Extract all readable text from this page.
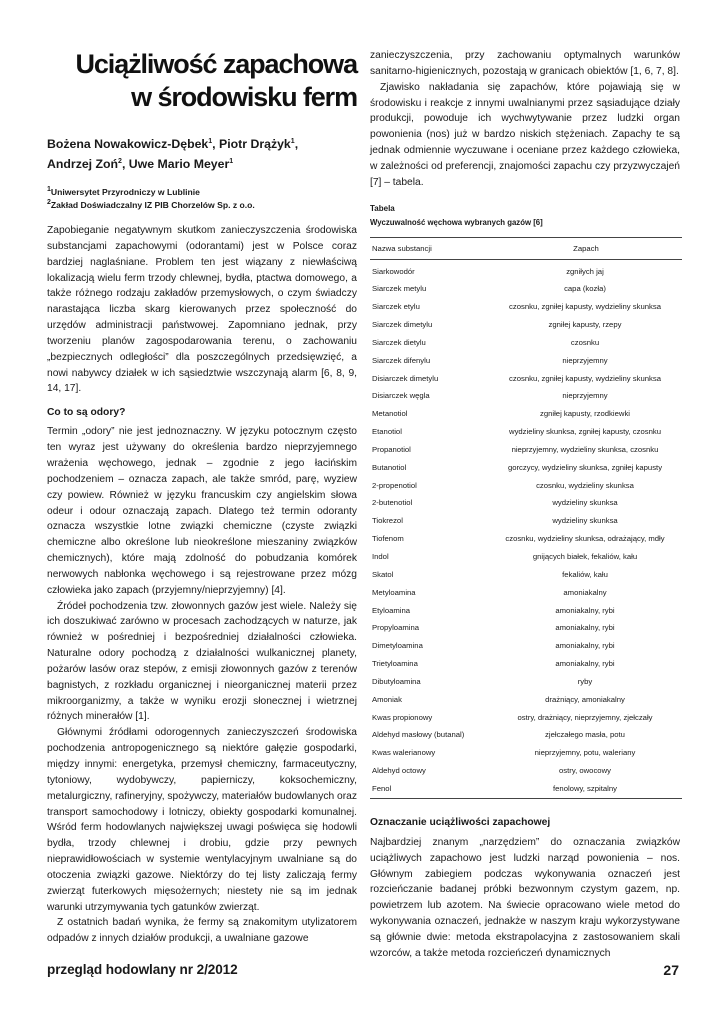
Uciążliwość zapachowa
w środowisku ferm
Bożena Nowakowicz-Dębek$^1$, Piotr Drążyk$^1$,
Andrzej Zoń$^2$, Uwe Mario Meyer$^1$
$^1$Uniwersytet Przyrodniczy w Lublinie
$^2$Zakład Doświadczalny IZ PIB Chorzelów Sp. z o.o.

Zapobieganie negatywnym skutkom zanieczyszczenia środowiska substancjami zapachowymi (odorantami) jest w Polsce coraz bardziej naglaśniane. Problem ten jest wiązany z niewłaściwą lokalizacją wielu ferm trzody chlewnej, bydła, ptactwa domowego, a także różnego rodzaju zakładów przemysłowych, o czym świadczy narastająca liczba skarg kierowanych przez społeczność do urzędów administracji państwowej. Zapomniano jednak, przy tworzeniu planów zagospodarowania terenu, o zachowaniu „bezpiecznych odległości” dla poszczególnych przedsięwzięć, a nowi nabywcy działek w ich sąsiedztwie wszczynają alarm [6, 8, 9, 14, 17].

Co to są odory?

Termin „odory” nie jest jednoznaczny. W języku potocznym często ten wyraz jest używany do określenia bardzo nieprzyjemnego wrażenia węchowego, jednak – zgodnie z jego łacińskim pochodzeniem – oznacza zapach, ale także smród, parę, wyziew czy powiew. Również w języku francuskim czy angielskim słowa odeur i odour oznaczają zapach. Dlatego też termin odoranty oznacza wszystkie lotne związki chemiczne (czyste związki chemiczne albo określone lub nieokreślone mieszaniny związków chemicznych), które mają zdolność do pobudzania komórek nerwowych nabłonka węchowego i są rejestrowane przez mózg człowieka jako zapach (przyjemny/nieprzyjemny) [4].

Źródeł pochodzenia tzw. złowonnych gazów jest wiele. Należy się ich doszukiwać zarówno w procesach zachodzących w naturze, jak również w pośredniej i bezpośredniej działalności człowieka. Naturalne odory pochodzą z działalności wulkanicznej planety, pożarów lasów oraz stepów, z emisji złowonnych gazów z terenów bagnistych, z rozkładu organicznej i nieorganicznej materii przez mikroorganizmy, a także w wyniku erozji słonecznej i wietrznej różnych minerałów [1].

Głównymi źródłami odorogennych zanieczyszczeń środowiska pochodzenia antropogenicznego są niektóre gałęzie gospodarki, między innymi: energetyka, przemysł chemiczny, farmaceutyczny, tytoniowy, wydobywczy, papierniczy, koksochemiczny, metalurgiczny, rafineryjny, spożywczy, materiałów budowlanych oraz transport samochodowy i lotniczy, obiekty gospodarki komunalnej. Wśród ferm hodowlanych największej uwagi poświęca się hodowli bydła, trzody chlewnej i drobiu, gdzie przy pewnych nieprawidłowościach w systemie wentylacyjnym uwalniane są do otoczenia związki gazowe. Niektórzy do tej listy zaliczają fermy zwierząt futerkowych mięsożernych; niestety nie są im jednak warunki utrzymywania tych gatunków zwierząt.

Z ostatnich badań wynika, że fermy są znakomitym utylizatorem odpadów z innych działów produkcji, a uwalniane gazowe

zanieczyszczenia, przy zachowaniu optymalnych warunków sanitarno-higienicznych, pozostają w granicach obiektów [1, 6, 7, 8].

Zjawisko nakładania się zapachów, które pojawiają się w środowisku i reakcje z innymi uwalnianymi przez sąsiadujące działy produkcji, powoduje ich wychwytywanie przez ludzki organ powonienia (nos) już w bardzo niskich stężeniach. Zapachy te są jednak odmiennie wyczuwane i oceniane przez każdego człowieka, w zależności od preferencji, znajomości zapachu czy przyzwyczajeń [7] – tabela.

Tabela
Wyczuwalność węchowa wybranych gazów [6]
Nazwa substancji	Zapach
Siarkowodór	zgniłych jaj
Siarczek metylu	capa (kozła)
Siarczek etylu	czosnku, zgniłej kapusty, wydzieliny skunksa
Siarczek dimetylu	zgniłej kapusty, rzepy
Siarczek dietylu	czosnku
Siarczek difenylu	nieprzyjemny
Disiarczek dimetylu	czosnku, zgniłej kapusty, wydzieliny skunksa
Disiarczek węgla	nieprzyjemny
Metanotiol	zgniłej kapusty, rzodkiewki
Etanotiol	wydzieliny skunksa, zgniłej kapusty, czosnku
Propanotiol	nieprzyjemny, wydzieliny skunksa, czosnku
Butanotiol	gorczycy, wydzieliny skunksa, zgniłej kapusty
2-propenotiol	czosnku, wydzieliny skunksa
2-butenotiol	wydzieliny skunksa
Tiokrezol	wydzieliny skunksa
Tiofenom	czosnku, wydzieliny skunksa, odrażający, mdły
Indol	gnijących białek, fekaliów, kału
Skatol	fekaliów, kału
Metyloamina	amoniakalny
Etyloamina	amoniakalny, rybi
Propyloamina	amoniakalny, rybi
Dimetyloamina	amoniakalny, rybi
Trietyloamina	amoniakalny, rybi
Dibutyloamina	ryby
Amoniak	drażniący, amoniakalny
Kwas propionowy	ostry, drażniący, nieprzyjemny, zjełczały
Aldehyd masłowy (butanal)	zjełczałego masła, potu
Kwas walerianowy	nieprzyjemny, potu, waleriany
Aldehyd octowy	ostry, owocowy
Fenol	fenolowy, szpitalny
Oznaczanie uciążliwości zapachowej

Najbardziej znanym „narzędziem” do oznaczania związków uciążliwych zapachowo jest ludzki narząd powonienia – nos. Głównym zabiegiem podczas wykonywania oznaczeń jest rozcieńczanie badanej próbki bezwonnym czystym gazem, np. powietrzem lub azotem. Na świecie opracowano wiele metod do wykonywania oznaczeń, jednakże w naszym kraju wykorzystywane są głównie dwie: metoda ekstrapolacyjna z zastosowaniem skali wzorców, a także metoda rozcieńczeń dynamicznych

przegląd hodowlany nr 2/2012	27
